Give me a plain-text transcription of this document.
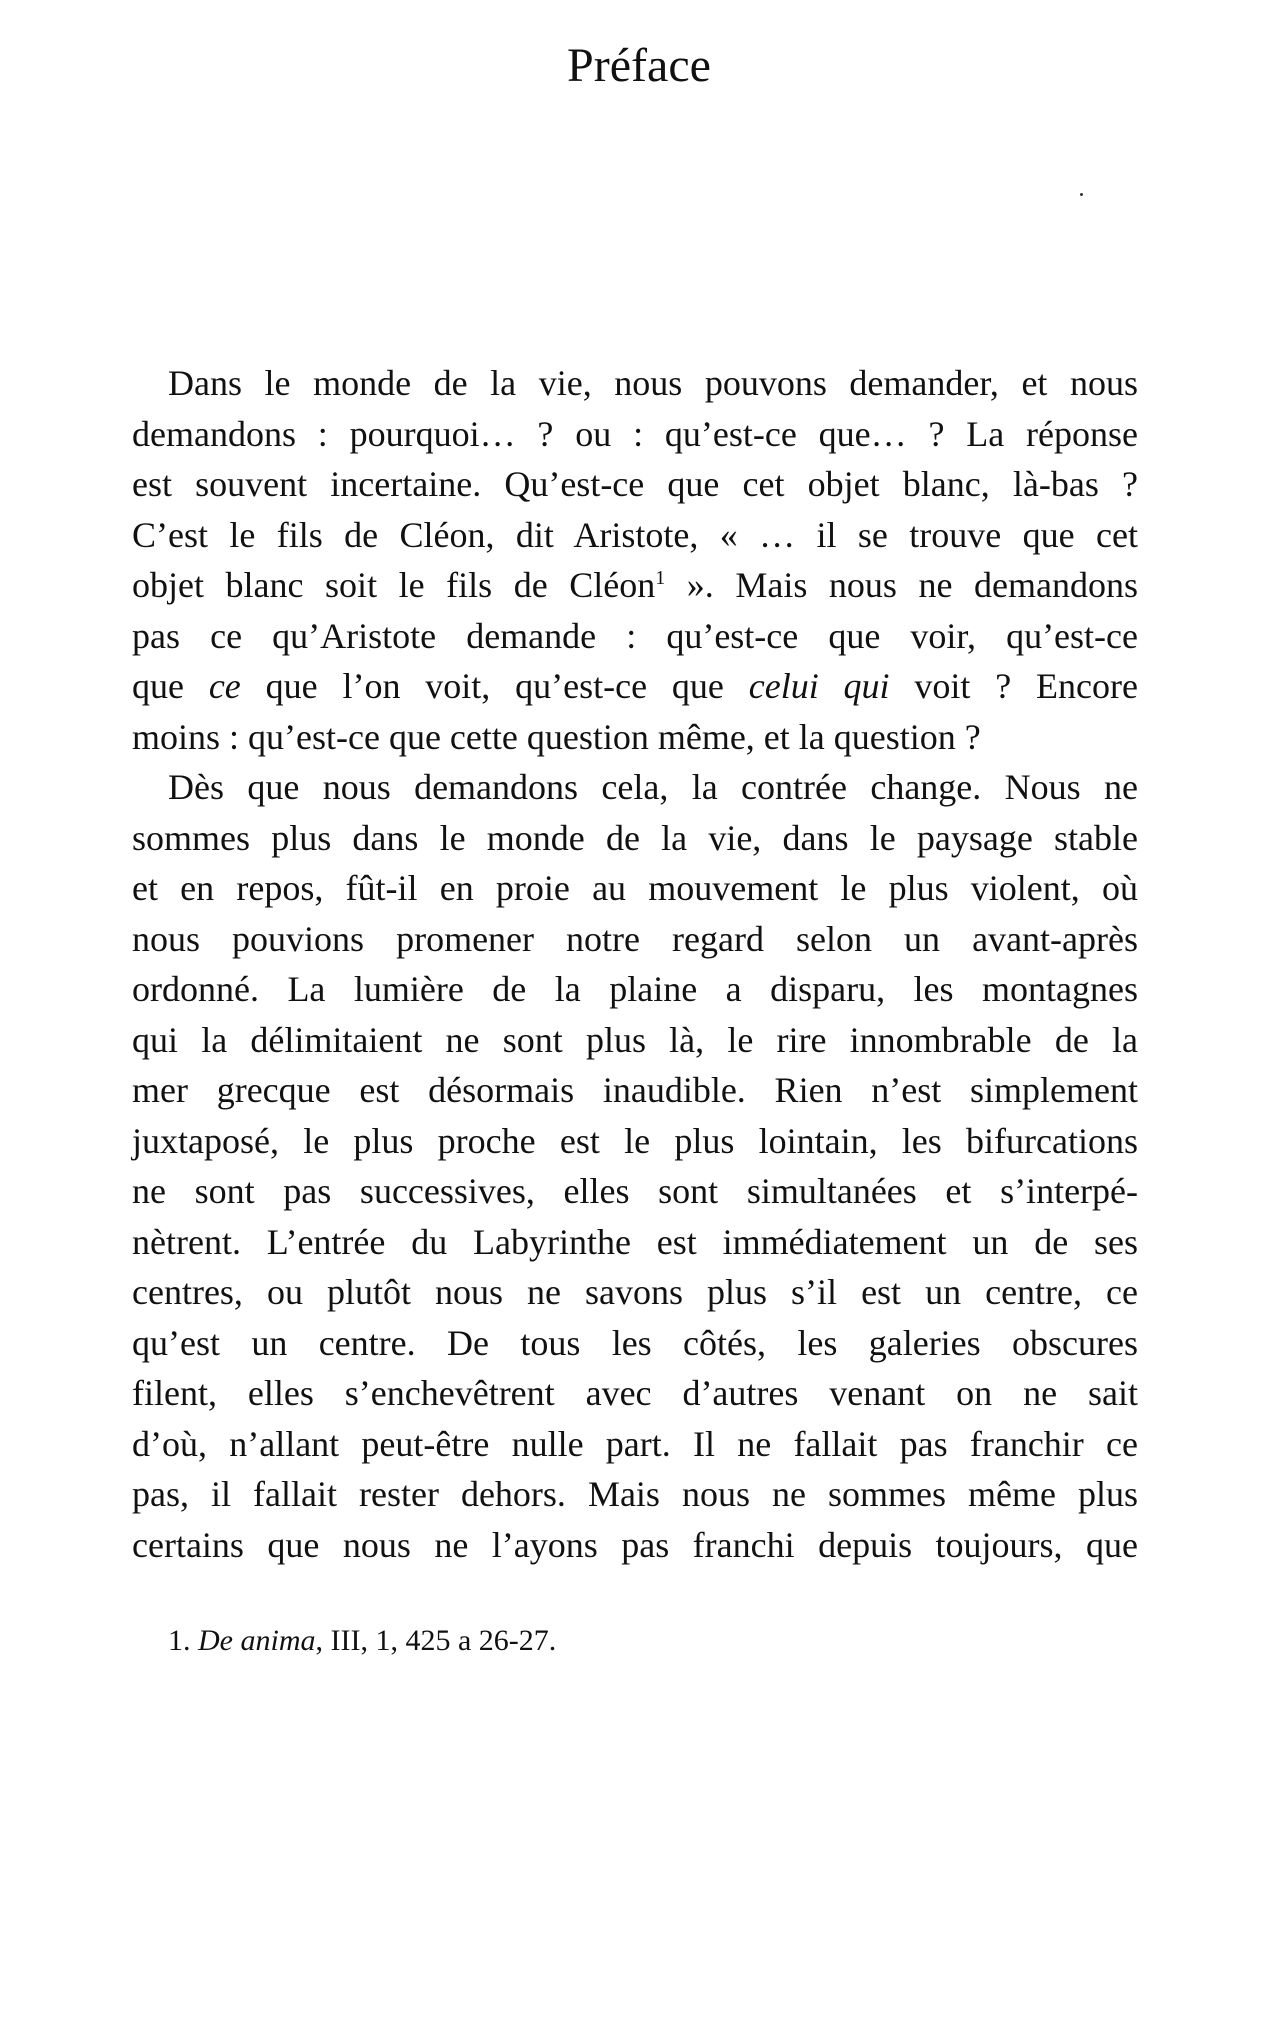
Préface
Dans le monde de la vie, nous pouvons demander, et nous
demandons : pourquoi… ? ou : qu’est-ce que… ? La réponse
est souvent incertaine. Qu’est-ce que cet objet blanc, là-bas ?
C’est le fils de Cléon, dit Aristote, « … il se trouve que cet
objet blanc soit le fils de Cléon$^1$ ». Mais nous ne demandons
pas ce qu’Aristote demande : qu’est-ce que voir, qu’est-ce
que ce que l’on voit, qu’est-ce que celui qui voit ? Encore
moins : qu’est-ce que cette question même, et la question ?
Dès que nous demandons cela, la contrée change. Nous ne
sommes plus dans le monde de la vie, dans le paysage stable
et en repos, fût-il en proie au mouvement le plus violent, où
nous pouvions promener notre regard selon un avant-après
ordonné. La lumière de la plaine a disparu, les montagnes
qui la délimitaient ne sont plus là, le rire innombrable de la
mer grecque est désormais inaudible. Rien n’est simplement
juxtaposé, le plus proche est le plus lointain, les bifurcations
ne sont pas successives, elles sont simultanées et s’interpé-
nètrent. L’entrée du Labyrinthe est immédiatement un de ses
centres, ou plutôt nous ne savons plus s’il est un centre, ce
qu’est un centre. De tous les côtés, les galeries obscures
filent, elles s’enchevêtrent avec d’autres venant on ne sait
d’où, n’allant peut-être nulle part. Il ne fallait pas franchir ce
pas, il fallait rester dehors. Mais nous ne sommes même plus
certains que nous ne l’ayons pas franchi depuis toujours, que
1. De anima, III, 1, 425 a 26-27.
